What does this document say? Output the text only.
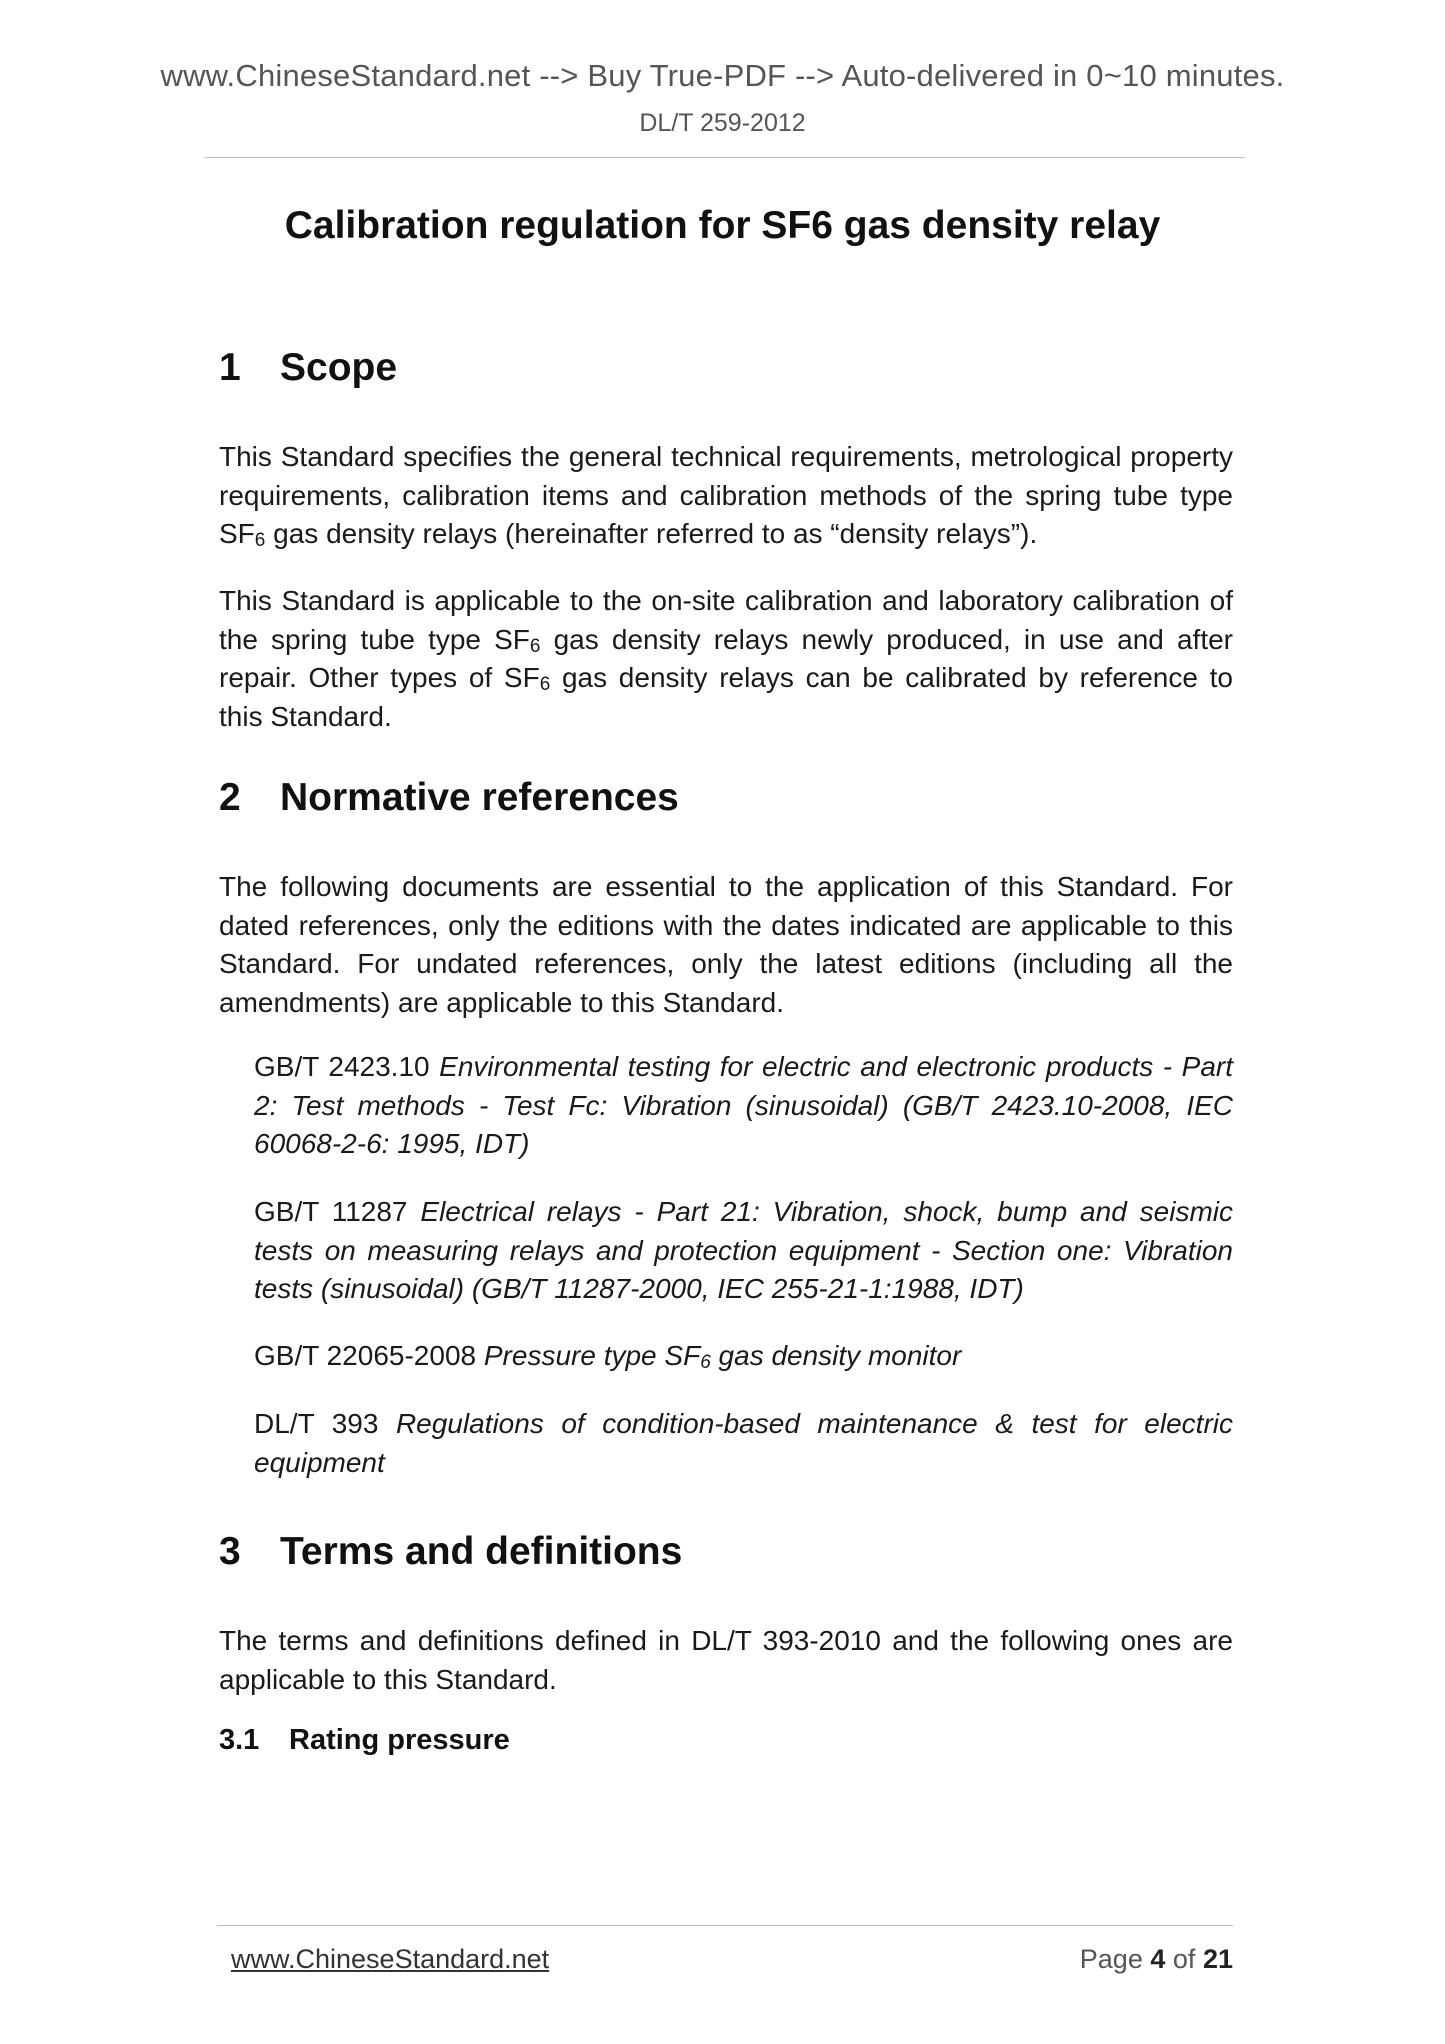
www.ChineseStandard.net --> Buy True-PDF --> Auto-delivered in 0~10 minutes.
DL/T 259-2012
Calibration regulation for SF6 gas density relay
1 Scope

This Standard specifies the general technical requirements, metrological property requirements, calibration items and calibration methods of the spring tube type $SF_6$ gas density relays (hereinafter referred to as “density relays”).

This Standard is applicable to the on-site calibration and laboratory calibration of the spring tube type $SF_6$ gas density relays newly produced, in use and after repair. Other types of $SF_6$ gas density relays can be calibrated by reference to this Standard.

2 Normative references

The following documents are essential to the application of this Standard. For dated references, only the editions with the dates indicated are applicable to this Standard. For undated references, only the latest editions (including all the amendments) are applicable to this Standard.

GB/T 2423.10 Environmental testing for electric and electronic products - Part 2: Test methods - Test Fc: Vibration (sinusoidal) (GB/T 2423.10-2008, IEC 60068-2-6: 1995, IDT)

GB/T 11287 Electrical relays - Part 21: Vibration, shock, bump and seismic tests on measuring relays and protection equipment - Section one: Vibration tests (sinusoidal) (GB/T 11287-2000, IEC 255-21-1:1988, IDT)

GB/T 22065-2008 Pressure type $SF_6$ gas density monitor

DL/T 393 Regulations of condition-based maintenance & test for electric equipment

3 Terms and definitions

The terms and definitions defined in DL/T 393-2010 and the following ones are applicable to this Standard.

3.1 Rating pressure
www.ChineseStandard.net	Page 4 of 21
